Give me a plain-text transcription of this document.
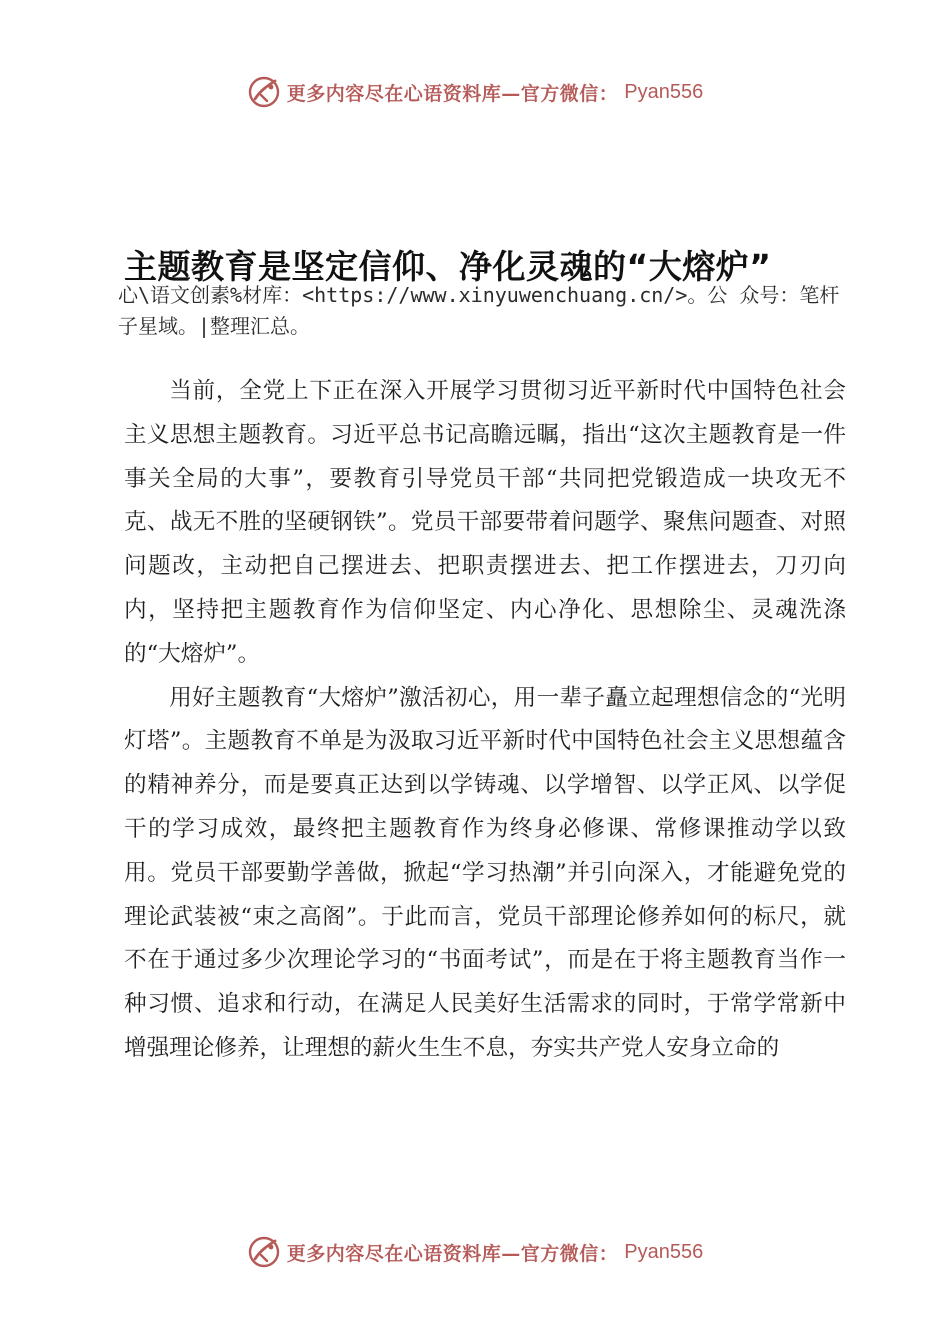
更多内容尽在心语资料库—官方微信： Pyan556
主题教育是坚定信仰、净化灵魂的“大熔炉”
心\语文创素%材库：<https://www.xinyuwenchuang.cn/>。公 众号：笔杆子星域。|整理汇总。

当前，全党上下正在深入开展学习贯彻习近平新时代中国特色社会主义思想主题教育。习近平总书记高瞻远瞩，指出“这次主题教育是一件事关全局的大事”，要教育引导党员干部“共同把党锻造成一块攻无不克、战无不胜的坚硬钢铁”。党员干部要带着问题学、聚焦问题查、对照问题改，主动把自己摆进去、把职责摆进去、把工作摆进去，刀刃向内，坚持把主题教育作为信仰坚定、内心净化、思想除尘、灵魂洗涤的“大熔炉”。

用好主题教育“大熔炉”激活初心，用一辈子矗立起理想信念的“光明灯塔”。主题教育不单是为汲取习近平新时代中国特色社会主义思想蕴含的精神养分，而是要真正达到以学铸魂、以学增智、以学正风、以学促干的学习成效，最终把主题教育作为终身必修课、常修课推动学以致用。党员干部要勤学善做，掀起“学习热潮”并引向深入，才能避免党的理论武装被“束之高阁”。于此而言，党员干部理论修养如何的标尺，就不在于通过多少次理论学习的“书面考试”，而是在于将主题教育当作一种习惯、追求和行动，在满足人民美好生活需求的同时，于常学常新中增强理论修养，让理想的薪火生生不息，夯实共产党人安身立命的

更多内容尽在心语资料库—官方微信： Pyan556
